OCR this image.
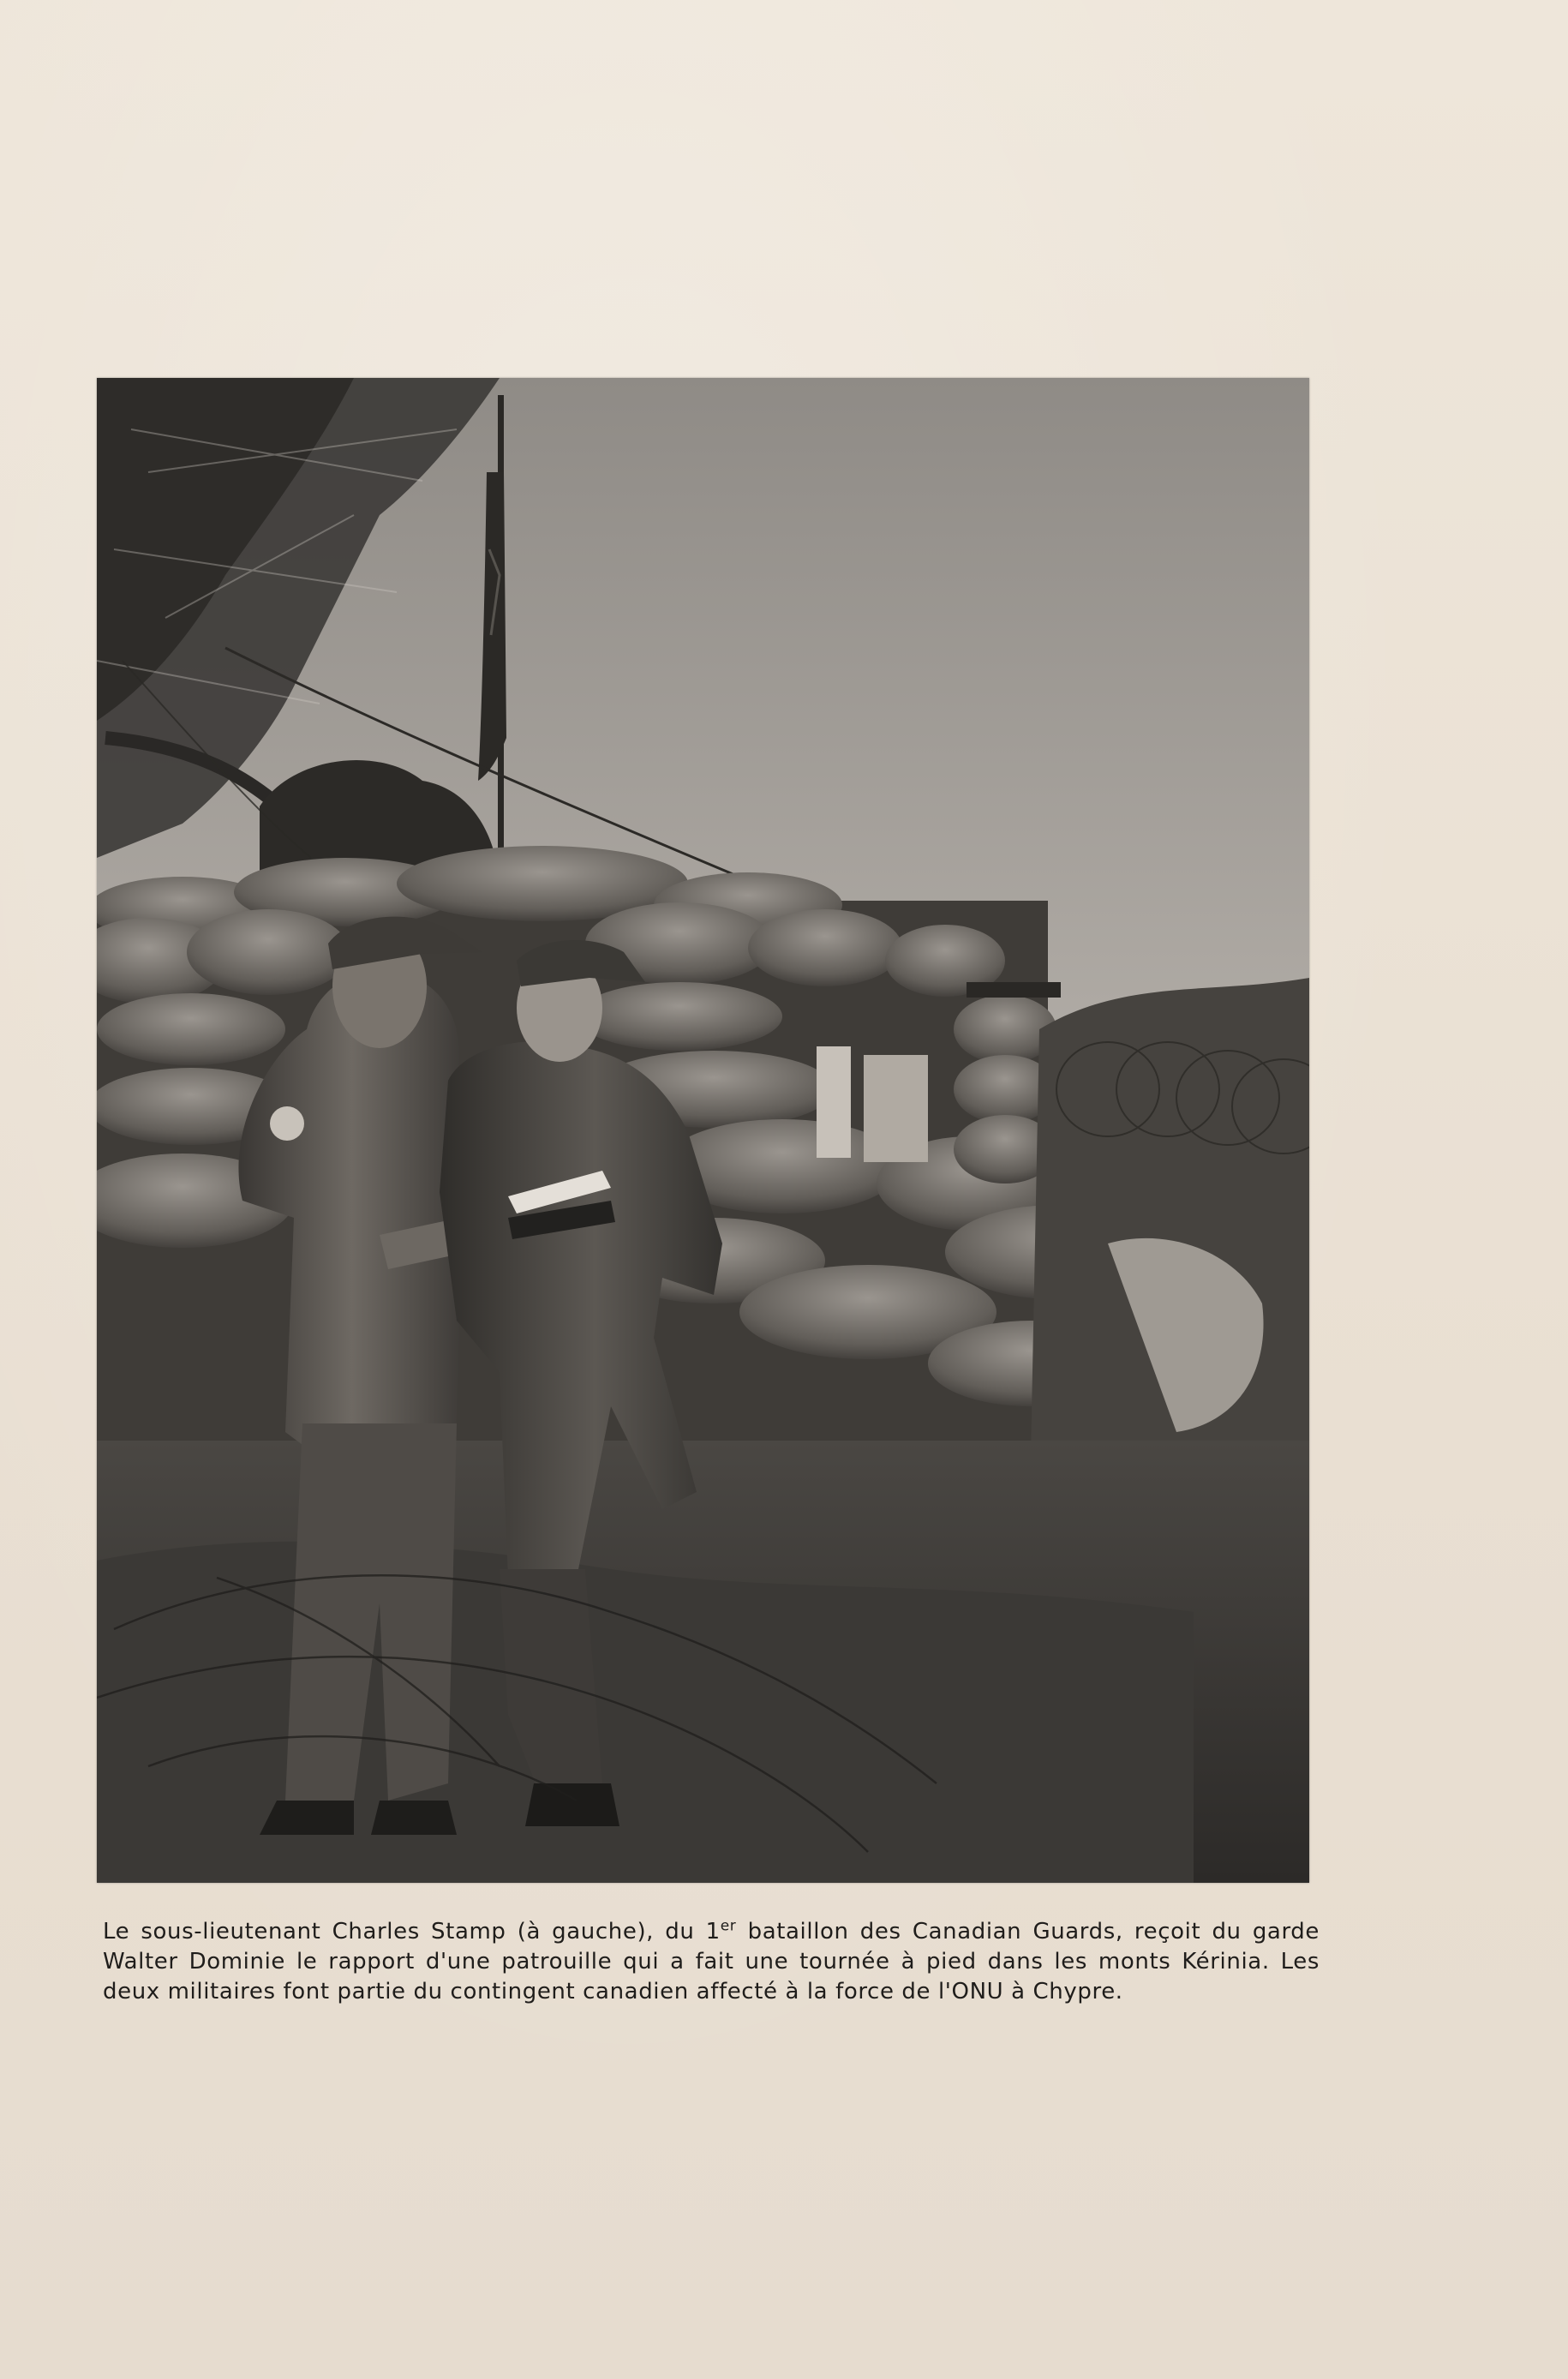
Le sous-lieutenant Charles Stamp (à gauche), du 1er bataillon des Canadian Guards, reçoit du garde Walter Dominie le rapport d'une patrouille qui a fait une tournée à pied dans les monts Kérinia. Les deux militaires font partie du contingent canadien affecté à la force de l'ONU à Chypre.
